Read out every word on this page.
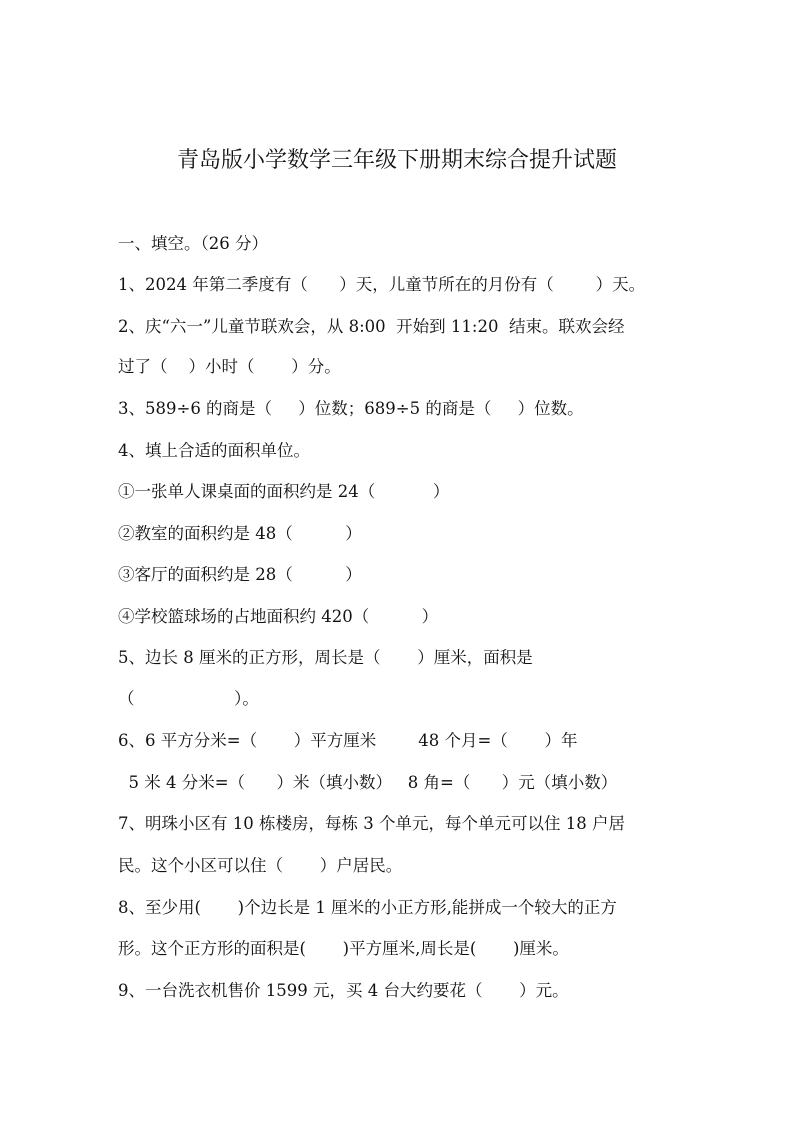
青岛版小学数学三年级下册期末综合提升试题
一、填空。（26 分）
1、2024 年第二季度有（      ）天，儿童节所在的月份有（        ）天。
2、庆“六一”儿童节联欢会，从 8:00  开始到 11:20  结束。联欢会经
过了（    ）小时（       ）分。
3、589÷6 的商是（     ）位数；689÷5 的商是（     ）位数。
4、填上合适的面积单位。
①一张单人课桌面的面积约是 24（           ）
②教室的面积约是 48（          ）
③客厅的面积约是 28（          ）
④学校篮球场的占地面积约 420（          ）
5、边长 8 厘米的正方形，周长是（       ）厘米，面积是
（                   ）。
6、6 平方分米=（       ）平方厘米        48 个月=（       ）年
5 米 4 分米=（      ）米（填小数）   8 角=（      ）元（填小数）
7、明珠小区有 10 栋楼房，每栋 3 个单元，每个单元可以住 18 户居
民。这个小区可以住（       ）户居民。
8、至少用(       )个边长是 1 厘米的小正方形,能拼成一个较大的正方
形。这个正方形的面积是(       )平方厘米,周长是(       )厘米。
9、一台洗衣机售价 1599 元，买 4 台大约要花（       ）元。
